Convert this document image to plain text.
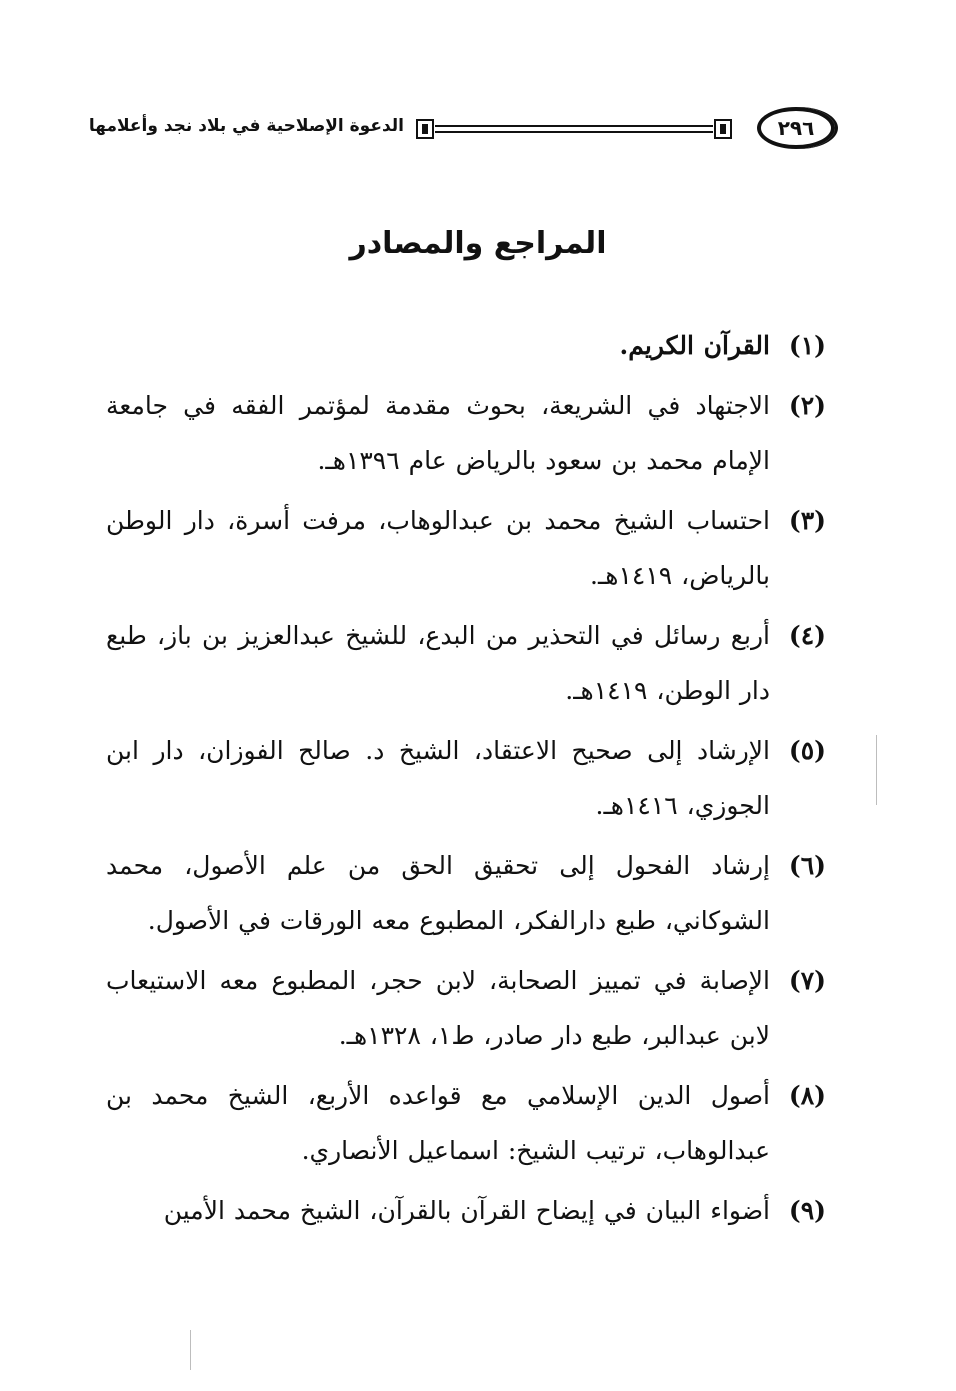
٢٩٦
الدعوة الإصلاحية في بلاد نجد وأعلامها
المراجع والمصادر
(١)
القرآن الكريم.
(٢)
الاجتهاد في الشريعة، بحوث مقدمة لمؤتمر الفقه في جامعة الإمام محمد بن سعود بالرياض عام ١٣٩٦هـ.
(٣)
احتساب الشيخ محمد بن عبدالوهاب، مرفت أسرة، دار الوطن بالرياض، ١٤١٩هـ.
(٤)
أربع رسائل في التحذير من البدع، للشيخ عبدالعزيز بن باز، طبع دار الوطن، ١٤١٩هـ.
(٥)
الإرشاد إلى صحيح الاعتقاد، الشيخ د. صالح الفوزان، دار ابن الجوزي، ١٤١٦هـ.
(٦)
إرشاد الفحول إلى تحقيق الحق من علم الأصول، محمد الشوكاني، طبع دارالفكر، المطبوع معه الورقات في الأصول.
(٧)
الإصابة في تمييز الصحابة، لابن حجر، المطبوع معه الاستيعاب لابن عبدالبر، طبع دار صادر، ط١، ١٣٢٨هـ.
(٨)
أصول الدين الإسلامي مع قواعده الأربع، الشيخ محمد بن عبدالوهاب، ترتيب الشيخ: اسماعيل الأنصاري.
(٩)
أضواء البيان في إيضاح القرآن بالقرآن، الشيخ محمد الأمين
